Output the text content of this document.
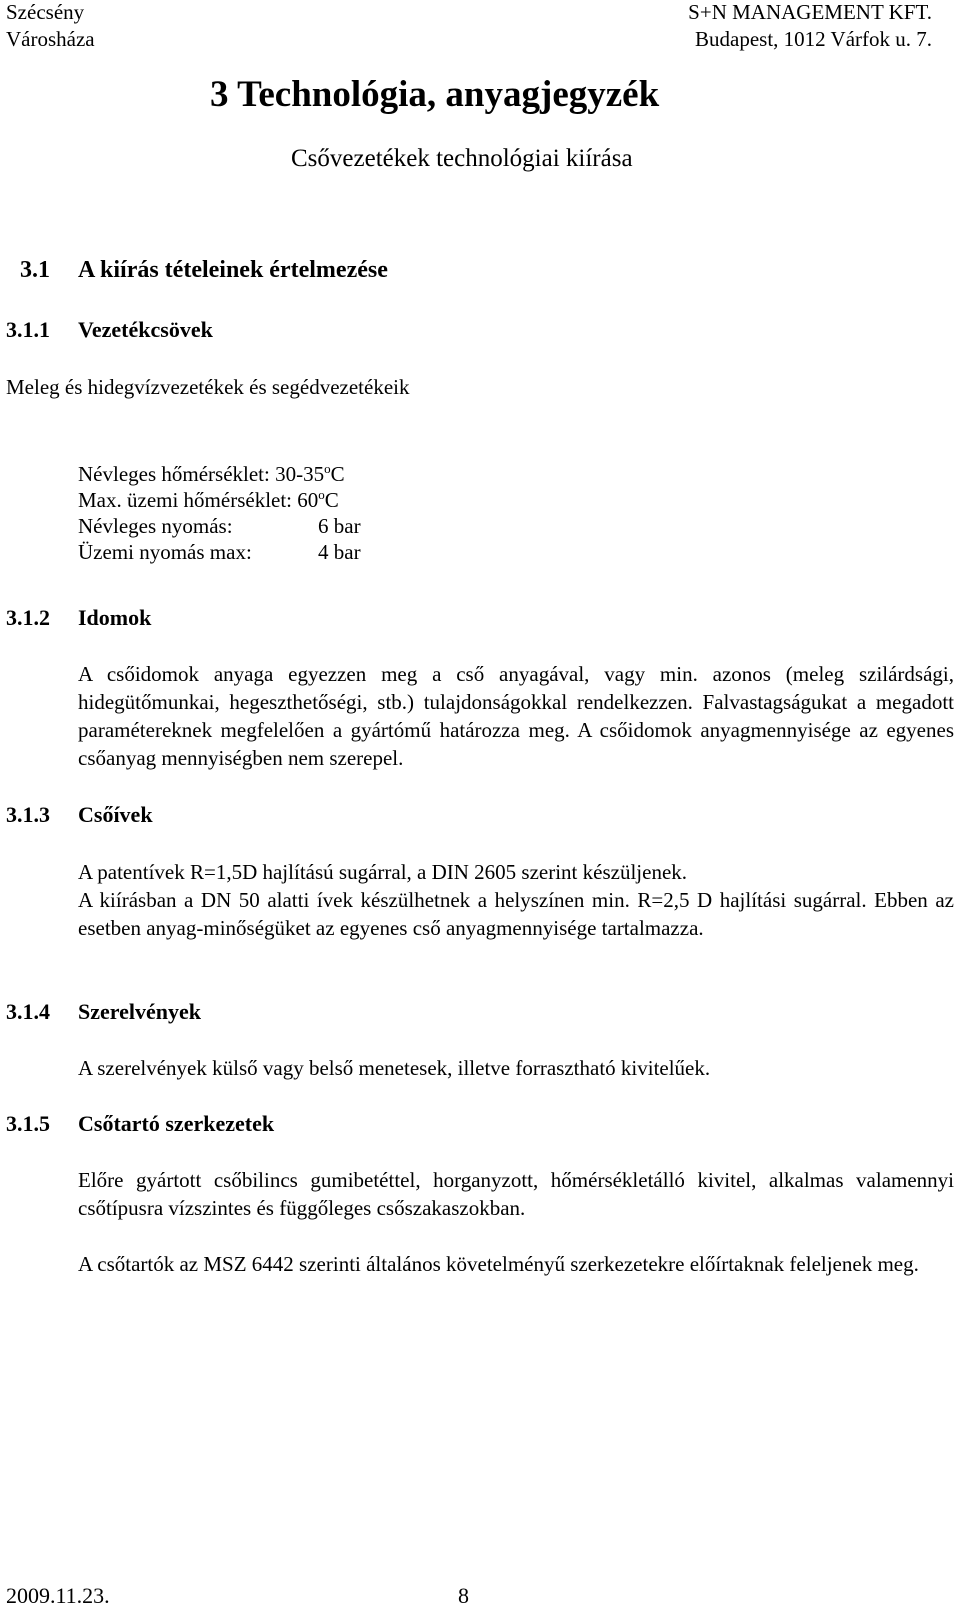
Szécsény
Városháza
S+N MANAGEMENT KFT.
Budapest, 1012 Várfok u. 7.
3 Technológia, anyagjegyzék
Csővezetékek technológiai kiírása
3.1 A kiírás tételeinek értelmezése
3.1.1 Vezetékcsövek
Meleg és hidegvízvezetékek és segédvezetékeik
Névleges hőmérséklet: 30-35$^o$C
Max. üzemi hőmérséklet: 60$^o$C
Névleges nyomás:	6 bar
Üzemi nyomás max:	4 bar
3.1.2 Idomok

A csőidomok anyaga egyezzen meg a cső anyagával, vagy min. azonos (meleg szilárdsági, hidegütőmunkai, hegeszthetőségi, stb.) tulajdonságokkal rendelkezzen. Falvastagságukat a megadott paramétereknek megfelelően a gyártómű határozza meg. A csőidomok anyagmennyisége az egyenes csőanyag mennyiségben nem szerepel.

3.1.3 Csőívek

A patentívek R=1,5D hajlítású sugárral, a DIN 2605 szerint készüljenek.

A kiírásban a DN 50 alatti ívek készülhetnek a helyszínen min. R=2,5 D hajlítási sugárral. Ebben az esetben anyag-minőségüket az egyenes cső anyagmennyisége tartalmazza.

3.1.4 Szerelvények
A szerelvények külső vagy belső menetesek, illetve forrasztható kivitelűek.
3.1.5 Csőtartó szerkezetek

Előre gyártott csőbilincs gumibetéttel, horganyzott, hőmérsékletálló kivitel, alkalmas valamennyi csőtípusra vízszintes és függőleges csőszakaszokban.

A csőtartók az MSZ 6442 szerinti általános követelményű szerkezetekre előírtaknak feleljenek meg.

2009.11.23.	8
